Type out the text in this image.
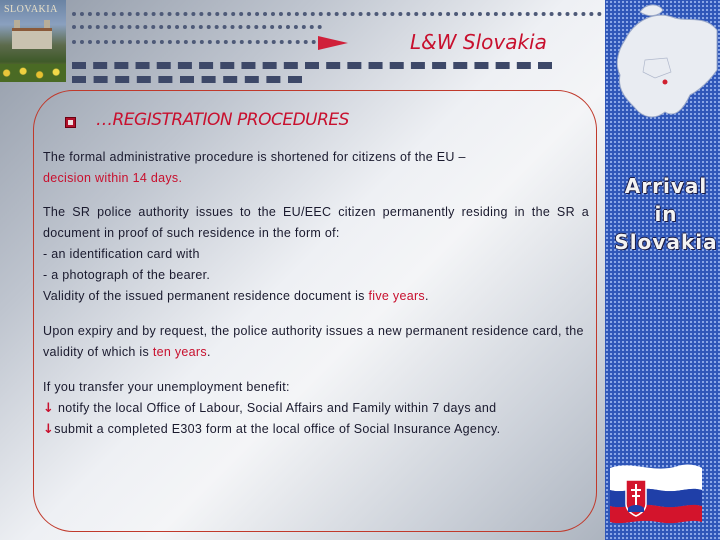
SLOVAKIA
L&W Slovakia
…REGISTRATION PROCEDURES

The formal administrative procedure is shortened for citizens of the EU –
decision within 14 days.

The SR police authority issues to the EU/EEC citizen permanently residing in the SR a document in proof of such residence in the form of:

- an identification card with

- a photograph of the bearer.

Validity of the issued permanent residence document is five years.

Upon expiry and by request, the police authority issues a new permanent residence card, the validity of which is ten years.

If you transfer your unemployment benefit:

↓ notify the local Office of Labour, Social Affairs and Family within 7 days and

↓submit a completed E303 form at the local office of Social Insurance Agency.

Arrival in Slovakia
